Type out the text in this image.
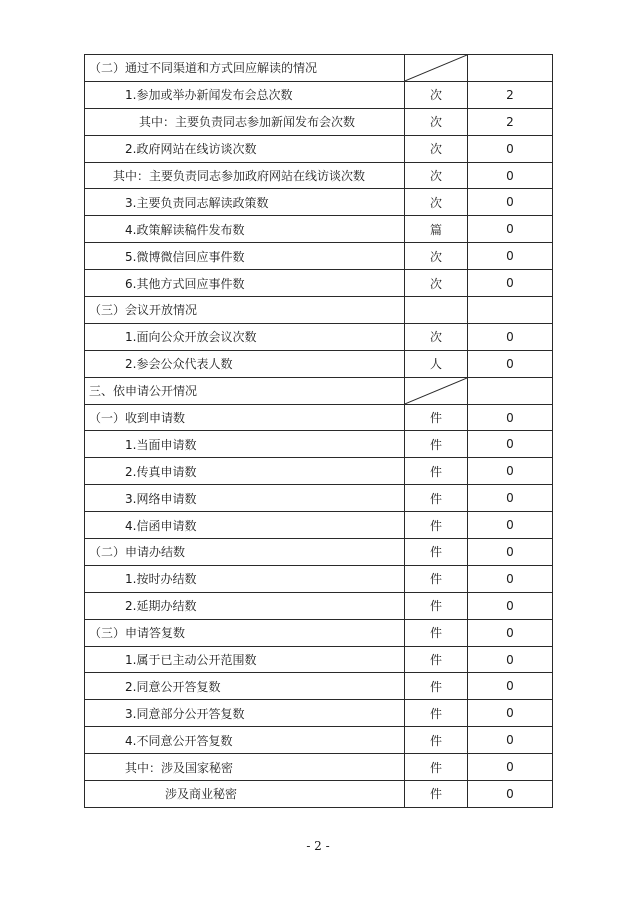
（二）通过不同渠道和方式回应解读的情况	

1.参加或举办新闻发布会总次数	次	2
其中：主要负责同志参加新闻发布会次数	次	2
2.政府网站在线访谈次数	次	0
其中：主要负责同志参加政府网站在线访谈次数	次	0
3.主要负责同志解读政策数	次	0
4.政策解读稿件发布数	篇	0
5.微博微信回应事件数	次	0
6.其他方式回应事件数	次	0
（三）会议开放情况		
1.面向公众开放会议次数	次	0
2.参会公众代表人数	人	0
三、依申请公开情况	

（一）收到申请数	件	0
1.当面申请数	件	0
2.传真申请数	件	0
3.网络申请数	件	0
4.信函申请数	件	0
（二）申请办结数	件	0
1.按时办结数	件	0
2.延期办结数	件	0
（三）申请答复数	件	0
1.属于已主动公开范围数	件	0
2.同意公开答复数	件	0
3.同意部分公开答复数	件	0
4.不同意公开答复数	件	0
其中：涉及国家秘密	件	0
涉及商业秘密	件	0
- 2 -
